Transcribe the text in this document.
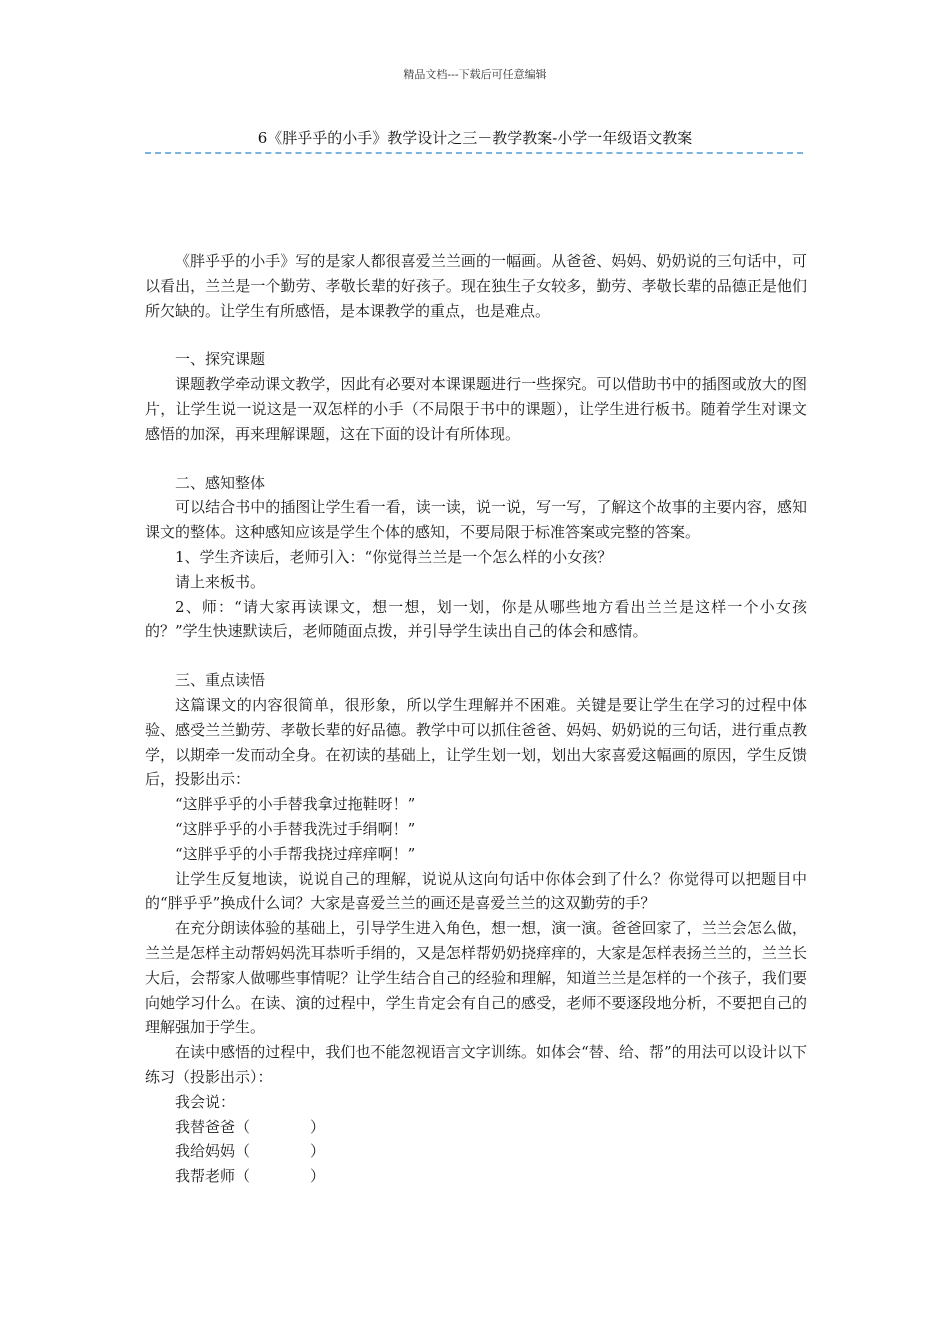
精品文档---下载后可任意编辑
6《胖乎乎的小手》教学设计之三－教学教案-小学一年级语文教案

《胖乎乎的小手》写的是家人都很喜爱兰兰画的一幅画。从爸爸、妈妈、奶奶说的三句话中，可以看出，兰兰是一个勤劳、孝敬长辈的好孩子。现在独生子女较多，勤劳、孝敬长辈的品德正是他们所欠缺的。让学生有所感悟，是本课教学的重点，也是难点。

一、探究课题

课题教学牵动课文教学，因此有必要对本课课题进行一些探究。可以借助书中的插图或放大的图片，让学生说一说这是一双怎样的小手（不局限于书中的课题），让学生进行板书。随着学生对课文感悟的加深，再来理解课题，这在下面的设计有所体现。

二、感知整体

可以结合书中的插图让学生看一看，读一读，说一说，写一写，了解这个故事的主要内容，感知课文的整体。这种感知应该是学生个体的感知，不要局限于标准答案或完整的答案。

1、学生齐读后，老师引入：“你觉得兰兰是一个怎么样的小女孩？

请上来板书。

2、师：“请大家再读课文，想一想，划一划，你是从哪些地方看出兰兰是这样一个小女孩的？”学生快速默读后，老师随面点拨，并引导学生读出自己的体会和感情。

三、重点读悟

这篇课文的内容很简单，很形象，所以学生理解并不困难。关键是要让学生在学习的过程中体验、感受兰兰勤劳、孝敬长辈的好品德。教学中可以抓住爸爸、妈妈、奶奶说的三句话，进行重点教学，以期牵一发而动全身。在初读的基础上，让学生划一划，划出大家喜爱这幅画的原因，学生反馈后，投影出示：

“这胖乎乎的小手替我拿过拖鞋呀！”

“这胖乎乎的小手替我洗过手绢啊！”

“这胖乎乎的小手帮我挠过痒痒啊！”

让学生反复地读，说说自己的理解，说说从这向句话中你体会到了什么？你觉得可以把题目中的“胖乎乎”换成什么词？大家是喜爱兰兰的画还是喜爱兰兰的这双勤劳的手？

在充分朗读体验的基础上，引导学生进入角色，想一想，演一演。爸爸回家了，兰兰会怎么做，兰兰是怎样主动帮妈妈洗耳恭听手绢的，又是怎样帮奶奶挠痒痒的，大家是怎样表扬兰兰的，兰兰长大后，会帮家人做哪些事情呢？让学生结合自己的经验和理解，知道兰兰是怎样的一个孩子，我们要向她学习什么。在读、演的过程中，学生肯定会有自己的感受，老师不要逐段地分析，不要把自己的理解强加于学生。

在读中感悟的过程中，我们也不能忽视语言文字训练。如体会“替、给、帮”的用法可以设计以下练习（投影出示）：

我会说：

我替爸爸（　　　　）

我给妈妈（　　　　）

我帮老师（　　　　）
